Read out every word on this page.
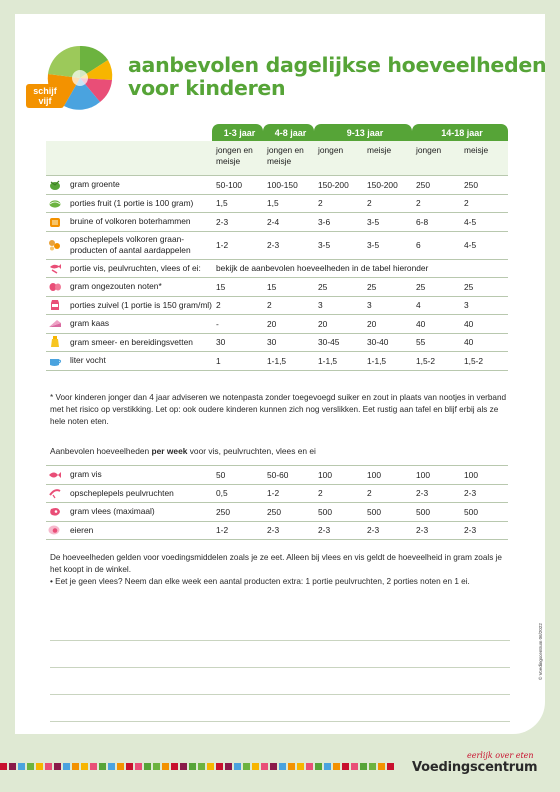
schijf
vijf
aanbevolen dagelijkse hoeveelheden
voor kinderen
		1-3 jaar	4-8 jaar	9-13 jaar		14-18 jaar	
		jongen en meisje	jongen en meisje	jongen	meisje	jongen	meisje

	gram groente	50-100	100-150	150-200	150-200	250	250

	porties fruit (1 portie is 100 gram)	1,5	1,5	2	2	2	2

	bruine of volkoren boterhammen	2-3	2-4	3-6	3-5	6-8	4-5

	opscheplepels volkoren graan-producten of aantal aardappelen	1-2	2-3	3-5	3-5	6	4-5

	portie vis, peulvruchten, vlees of ei:	bekijk de aanbevolen hoeveelheden in de tabel hieronder					

	gram ongezouten noten*	15	15	25	25	25	25

	porties zuivel (1 portie is 150 gram/ml)	2	2	3	3	4	3

	gram kaas	-	20	20	20	40	40

	gram smeer- en bereidingsvetten	30	30	30-45	30-40	55	40

	liter vocht	1	1-1,5	1-1,5	1-1,5	1,5-2	1,5-2

* Voor kinderen jonger dan 4 jaar adviseren we notenpasta zonder toegevoegd suiker en zout in plaats van nootjes in verband met het risico op verstikking. Let op: ook oudere kinderen kunnen zich nog verslikken. Eet rustig aan tafel en blijf erbij als ze hele noten eten.

Aanbevolen hoeveelheden per week voor vis, peulvruchten, vlees en ei

	gram vis	50	50-60	100	100	100	100

	opscheplepels peulvruchten	0,5	1-2	2	2	2-3	2-3

	gram vlees (maximaal)	250	250	500	500	500	500

	eieren	1-2	2-3	2-3	2-3	2-3	2-3
De hoeveelheden gelden voor voedingsmiddelen zoals je ze eet. Alleen bij vlees en vis geldt de hoeveelheid in gram zoals je het koopt in de winkel.
• Eet je geen vlees? Neem dan elke week een aantal producten extra: 1 portie peulvruchten, 2 porties noten en 1 ei.
© Voedingscentrum 06/2022
eerlijk over eten
Voedingscentrum
